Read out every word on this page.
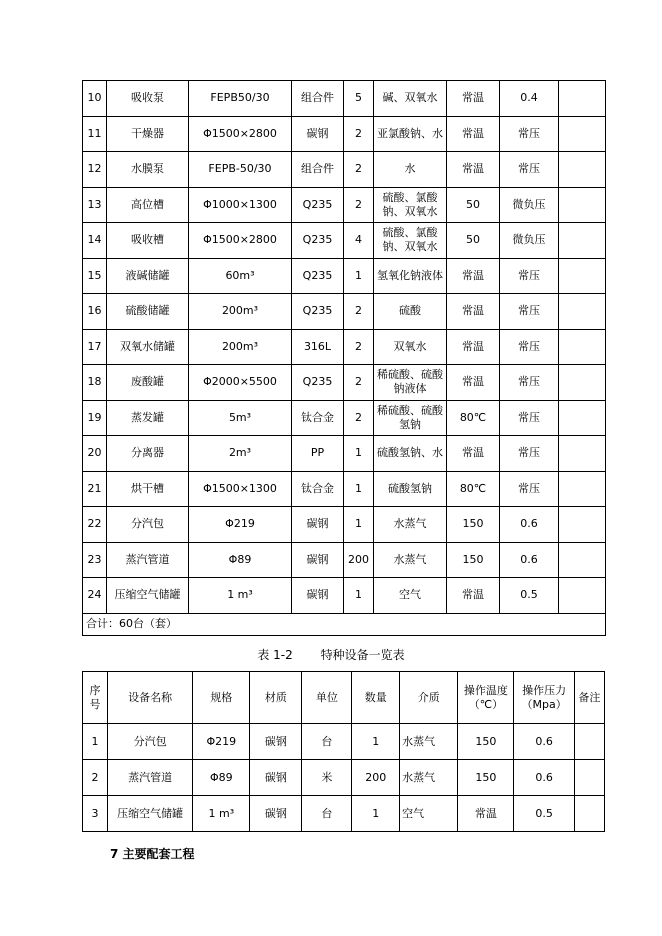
10	吸收泵	FEPB50/30	组合件	5	碱、双氧水	常温	0.4	
11	干燥器	Φ1500×2800	碳钢	2	亚氯酸钠、水	常温	常压	
12	水膜泵	FEPB-50/30	组合件	2	水	常温	常压	
13	高位槽	Φ1000×1300	Q235	2	硫酸、氯酸钠、双氧水	50	微负压	
14	吸收槽	Φ1500×2800	Q235	4	硫酸、氯酸钠、双氧水	50	微负压	
15	液碱储罐	60m³	Q235	1	氢氧化钠液体	常温	常压	
16	硫酸储罐	200m³	Q235	2	硫酸	常温	常压	
17	双氧水储罐	200m³	316L	2	双氧水	常温	常压	
18	废酸罐	Φ2000×5500	Q235	2	稀硫酸、硫酸钠液体	常温	常压	
19	蒸发罐	5m³	钛合金	2	稀硫酸、硫酸氢钠	80℃	常压	
20	分离器	2m³	PP	1	硫酸氢钠、水	常温	常压	
21	烘干槽	Φ1500×1300	钛合金	1	硫酸氢钠	80℃	常压	
22	分汽包	Φ219	碳钢	1	水蒸气	150	0.6	
23	蒸汽管道	Φ89	碳钢	200	水蒸气	150	0.6	
24	压缩空气储罐	1 m³	碳钢	1	空气	常温	0.5	
合计：60台（套）								
表 1-2 特种设备一览表
序号	设备名称	规格	材质	单位	数量	介质	操作温度（℃）	操作压力（Mpa）	备注
1	分汽包	Φ219	碳钢	台	1	水蒸气	150	0.6	
2	蒸汽管道	Φ89	碳钢	米	200	水蒸气	150	0.6	
3	压缩空气储罐	1 m³	碳钢	台	1	空气	常温	0.5	
7 主要配套工程
